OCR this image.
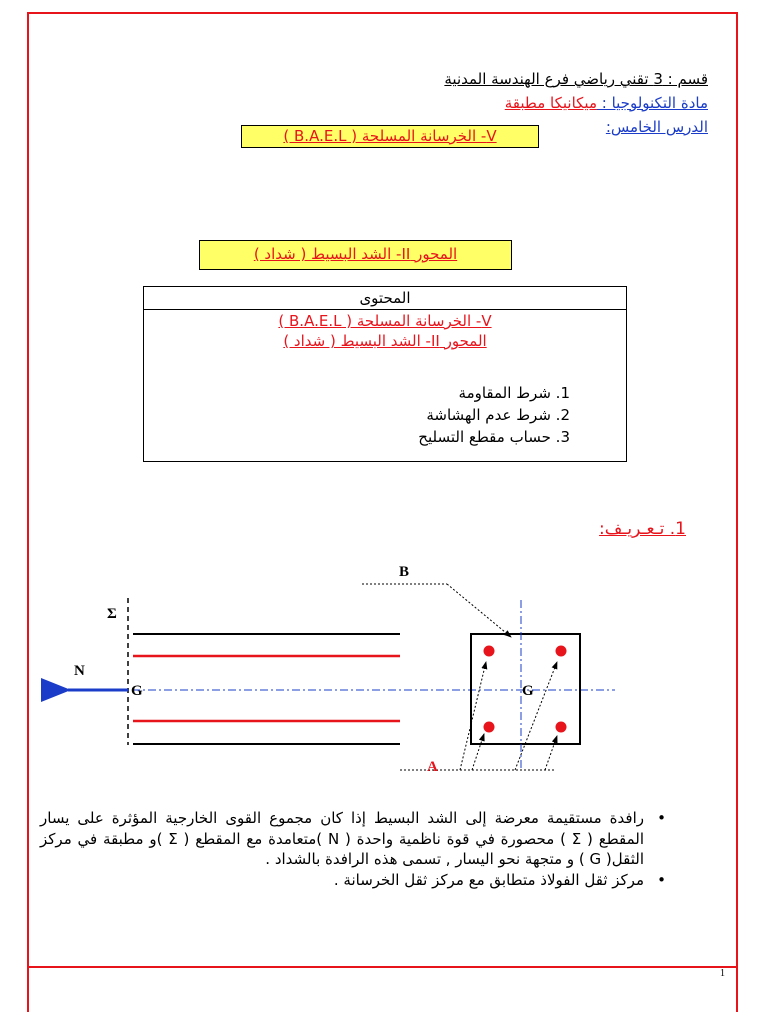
قسم : 3 تقني رياضي فرع الهندسة المدنية
مادة التكنولوجيا : ميكانيكا مطبقة
الدرس الخامس:
V- الخرسانة المسلحة ( B.A.E.L )
المحور II- الشد البسيط ( شداد )
المحتوى
V- الخرسانة المسلحة ( B.A.E.L )
المحور II- الشد البسيط ( شداد )
1. شرط المقاومة
2. شرط عدم الهشاشة
3. حساب مقطع التسليح
1. تـعـريـف:
Σ
N
G	G
B
A
•
رافدة مستقيمة معرضة إلى الشد البسيط إذا كان مجموع القوى الخارجية المؤثرة على يسار المقطع ( Σ ) محصورة في قوة ناظمية واحدة ( N )متعامدة مع المقطع ( Σ )و مطبقة في مركز الثقل( G ) و متجهة نحو اليسار , تسمى هذه الرافدة بالشداد .
•
مركز ثقل الفولاذ متطابق مع مركز ثقل الخرسانة .
1
